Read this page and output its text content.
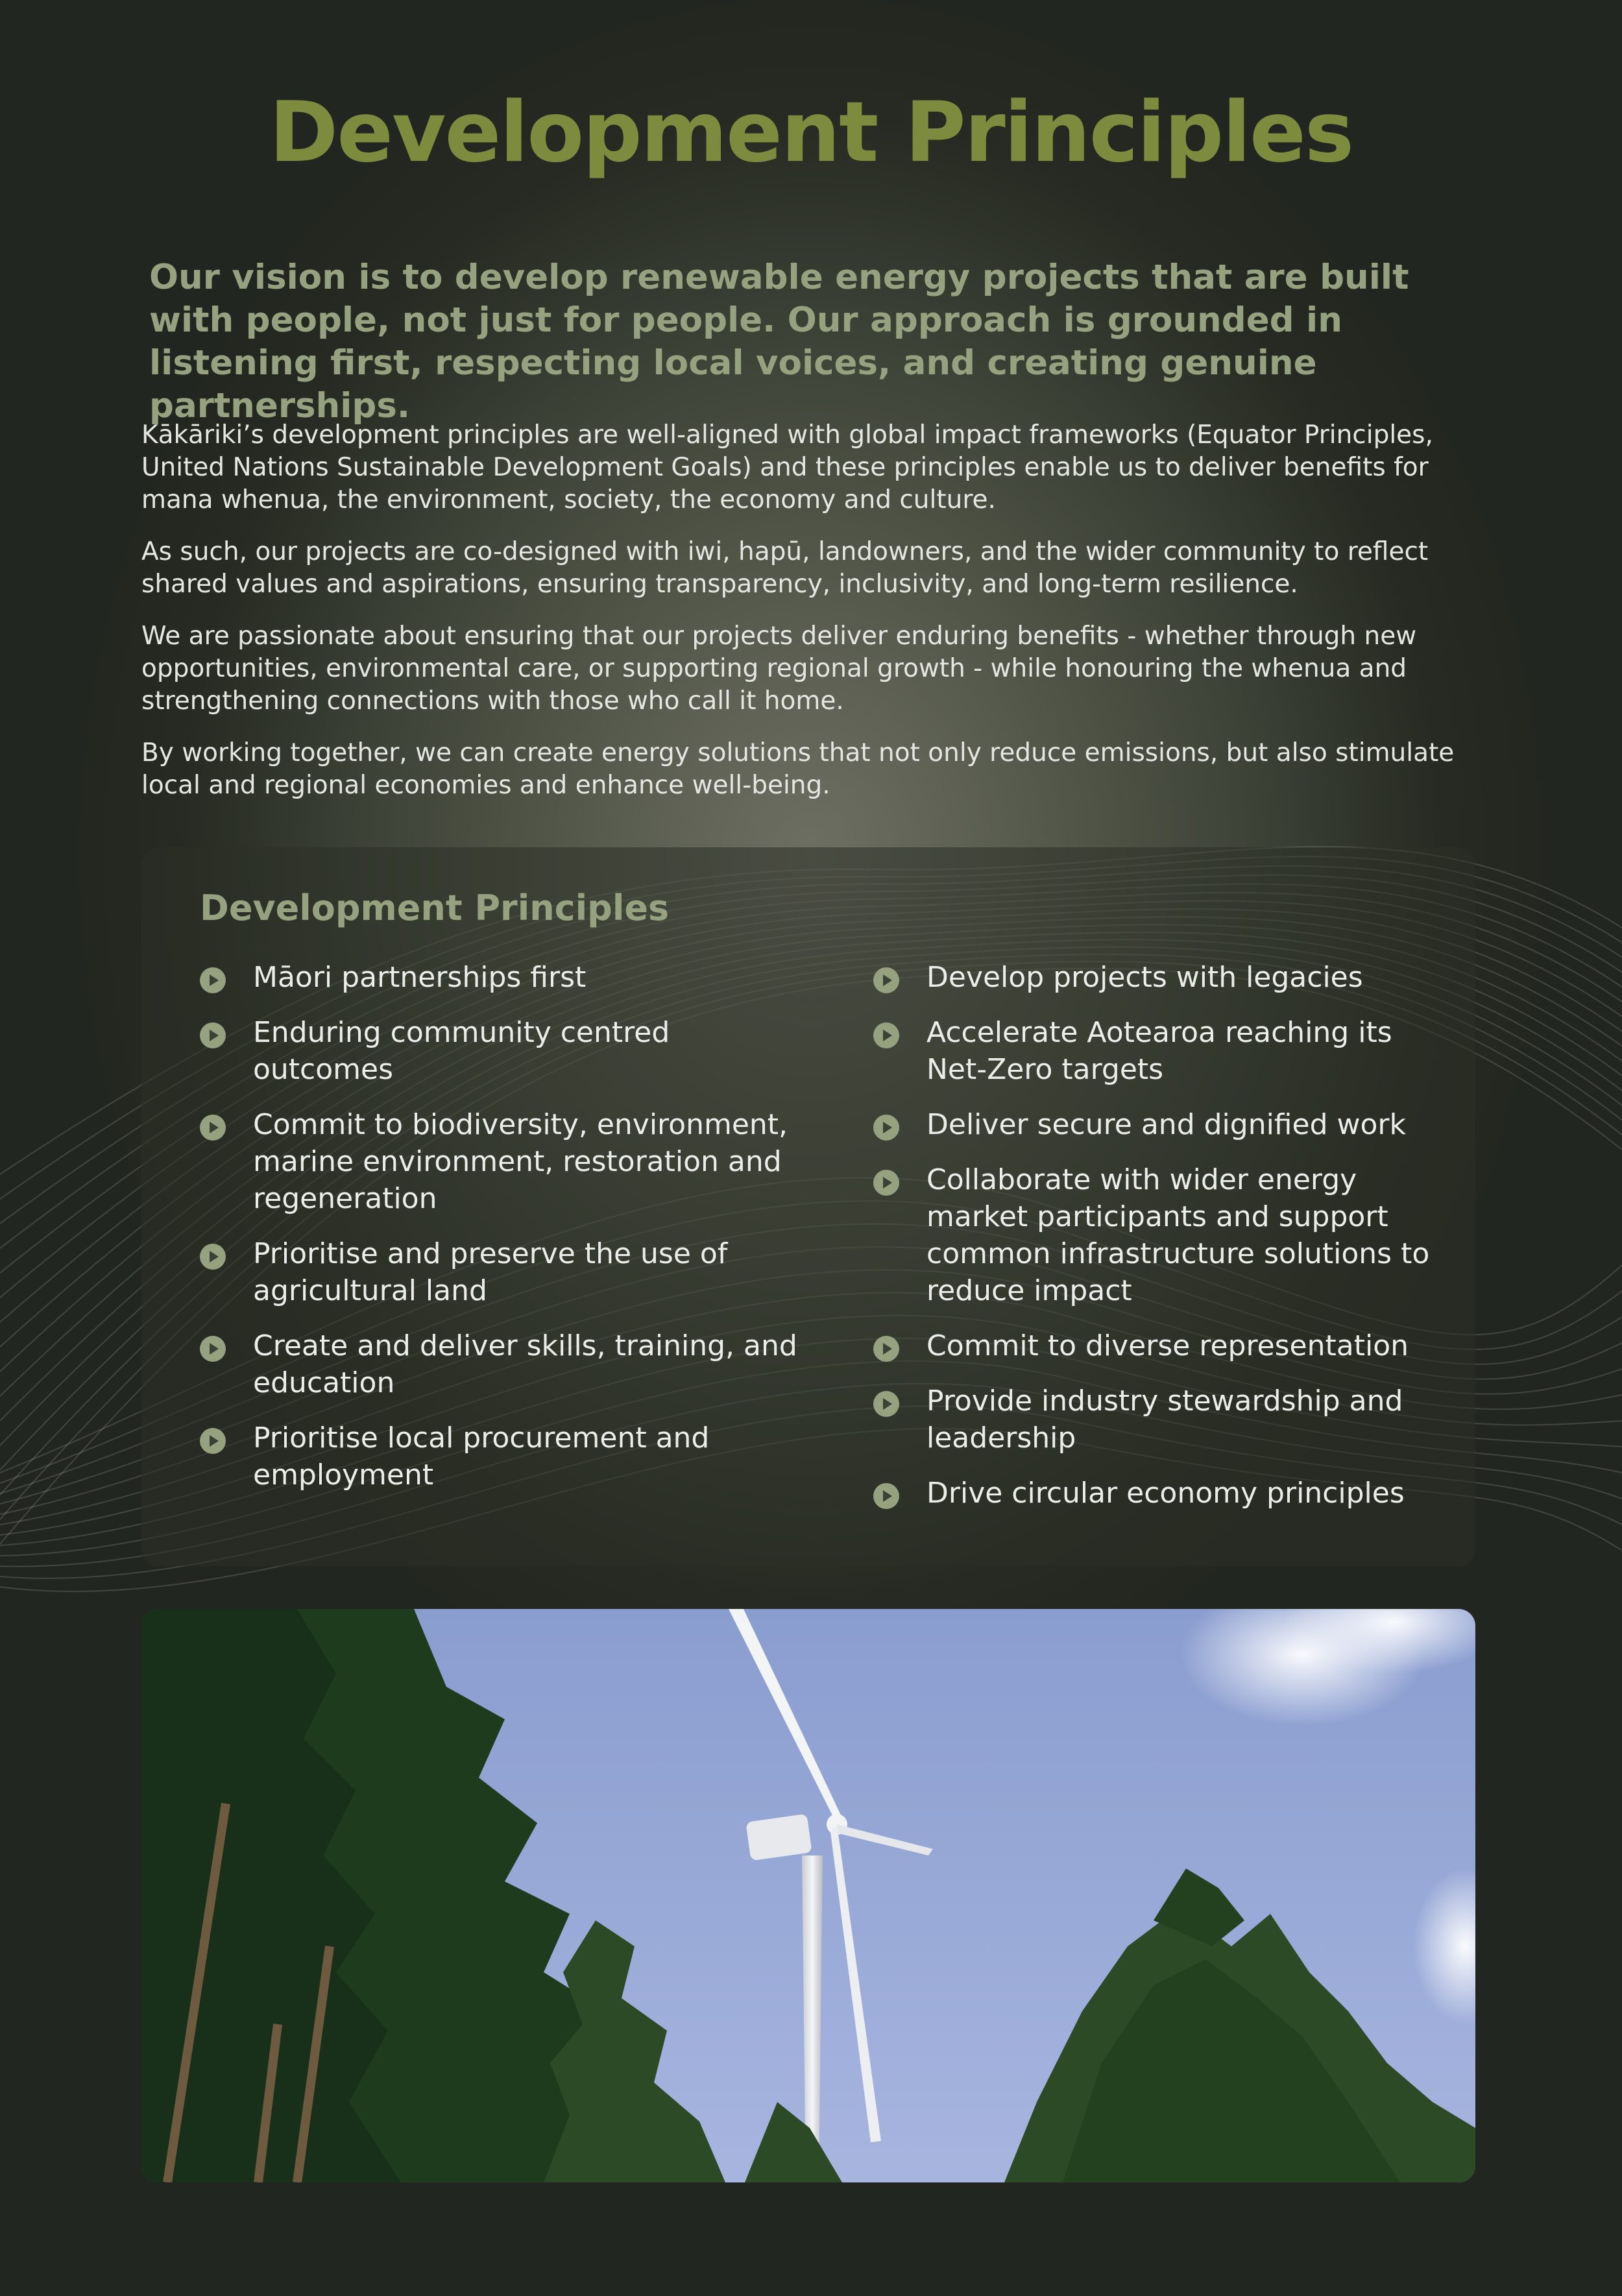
Development Principles

Our vision is to develop renewable energy projects that are built with people, not just for people. Our approach is grounded in listening first, respecting local voices, and creating genuine partnerships.

Kākāriki’s development principles are well-aligned with global impact frameworks (Equator Principles, United Nations Sustainable Development Goals) and these principles enable us to deliver benefits for mana whenua, the environment, society, the economy and culture.

As such, our projects are co-designed with iwi, hapū, landowners, and the wider community to reflect shared values and aspirations, ensuring transparency, inclusivity, and long-term resilience.

We are passionate about ensuring that our projects deliver enduring benefits - whether through new opportunities, environmental care, or supporting regional growth - while honouring the whenua and strengthening connections with those who call it home.

By working together, we can create energy solutions that not only reduce emissions, but also stimulate local and regional economies and enhance well-being.

Development Principles
Māori partnerships first
Enduring community centred outcomes
Commit to biodiversity, environment, marine environment, restoration and regeneration
Prioritise and preserve the use of agricultural land
Create and deliver skills, training, and education
Prioritise local procurement and employment
Develop projects with legacies
Accelerate Aotearoa reaching its Net-Zero targets
Deliver secure and dignified work
Collaborate with wider energy market participants and support common infrastructure solutions to reduce impact
Commit to diverse representation
Provide industry stewardship and leadership
Drive circular economy principles
